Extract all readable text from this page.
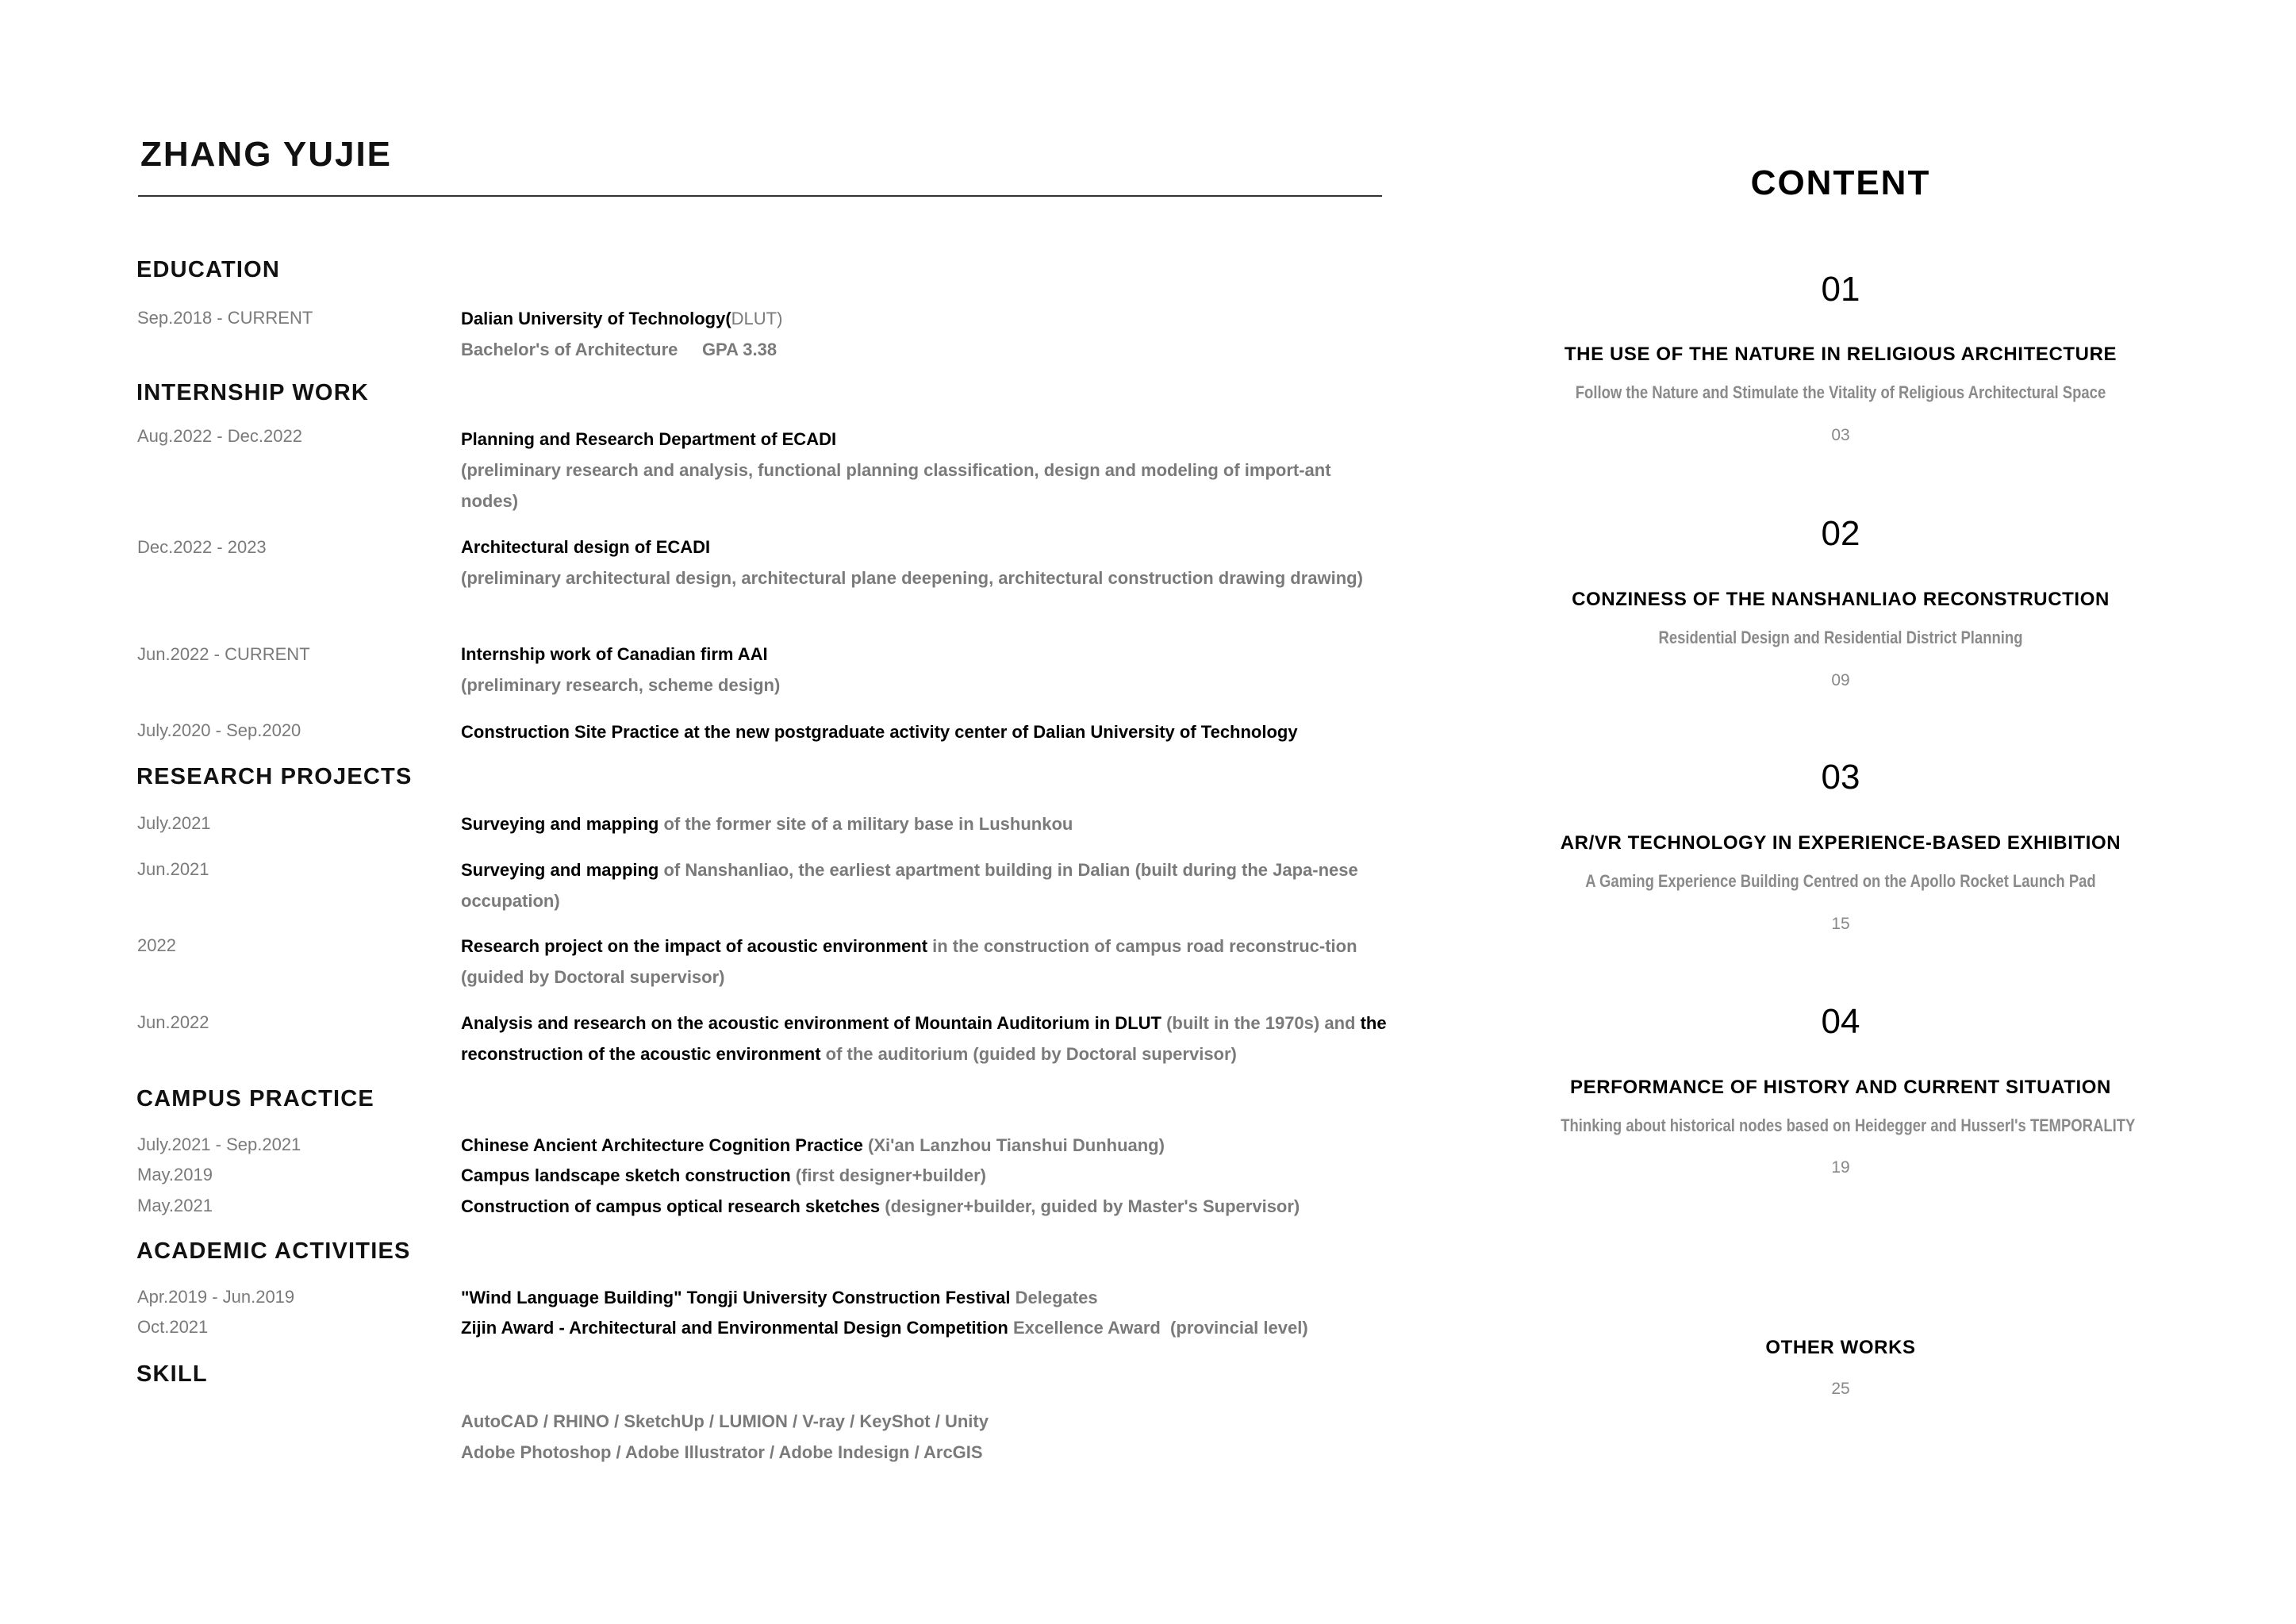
ZHANG YUJIE
EDUCATION
Sep.2018 - CURRENT	Dalian University of Technology(DLUT)
Bachelor's of Architecture     GPA 3.38
INTERNSHIP WORK
Aug.2022 - Dec.2022	Planning and Research Department of ECADI
(preliminary research and analysis, functional planning classification, design and modeling of import-ant nodes)
Dec.2022 - 2023	Architectural design of ECADI
(preliminary architectural design, architectural plane deepening, architectural construction drawing drawing)
Jun.2022 - CURRENT	Internship work of Canadian firm AAI
(preliminary research, scheme design)
July.2020 - Sep.2020	Construction Site Practice at the new postgraduate activity center of Dalian University of Technology
RESEARCH PROJECTS
July.2021	Surveying and mapping of the former site of a military base in Lushunkou
Jun.2021	Surveying and mapping of Nanshanliao, the earliest apartment building in Dalian (built during the Japa-nese occupation)
2022	Research project on the impact of acoustic environment in the construction of campus road reconstruc-tion (guided by Doctoral supervisor)
Jun.2022	Analysis and research on the acoustic environment of Mountain Auditorium in DLUT (built in the 1970s) and the reconstruction of the acoustic environment of the auditorium (guided by Doctoral supervisor)
CAMPUS PRACTICE
July.2021 - Sep.2021	Chinese Ancient Architecture Cognition Practice (Xi'an Lanzhou Tianshui Dunhuang)
May.2019	Campus landscape sketch construction (first designer+builder)
May.2021	Construction of campus optical research sketches (designer+builder, guided by Master's Supervisor)
ACADEMIC ACTIVITIES
Apr.2019 - Jun.2019	"Wind Language Building" Tongji University Construction Festival Delegates
Oct.2021	Zijin Award - Architectural and Environmental Design Competition Excellence Award  (provincial level)
SKILL
AutoCAD / RHINO / SketchUp / LUMION / V-ray / KeyShot / Unity
Adobe Photoshop / Adobe Illustrator / Adobe Indesign / ArcGIS
CONTENT
01
THE USE OF THE NATURE IN RELIGIOUS ARCHITECTURE
Follow the Nature and Stimulate the Vitality of Religious Architectural Space
03
02
CONZINESS OF THE NANSHANLIAO RECONSTRUCTION
Residential Design and Residential District Planning
09
03
AR/VR TECHNOLOGY IN EXPERIENCE-BASED EXHIBITION
A Gaming Experience Building Centred on the Apollo Rocket Launch Pad
15
04
PERFORMANCE OF HISTORY AND CURRENT SITUATION
Thinking about historical nodes based on Heidegger and Husserl's TEMPORALITY
19
OTHER WORKS
25
